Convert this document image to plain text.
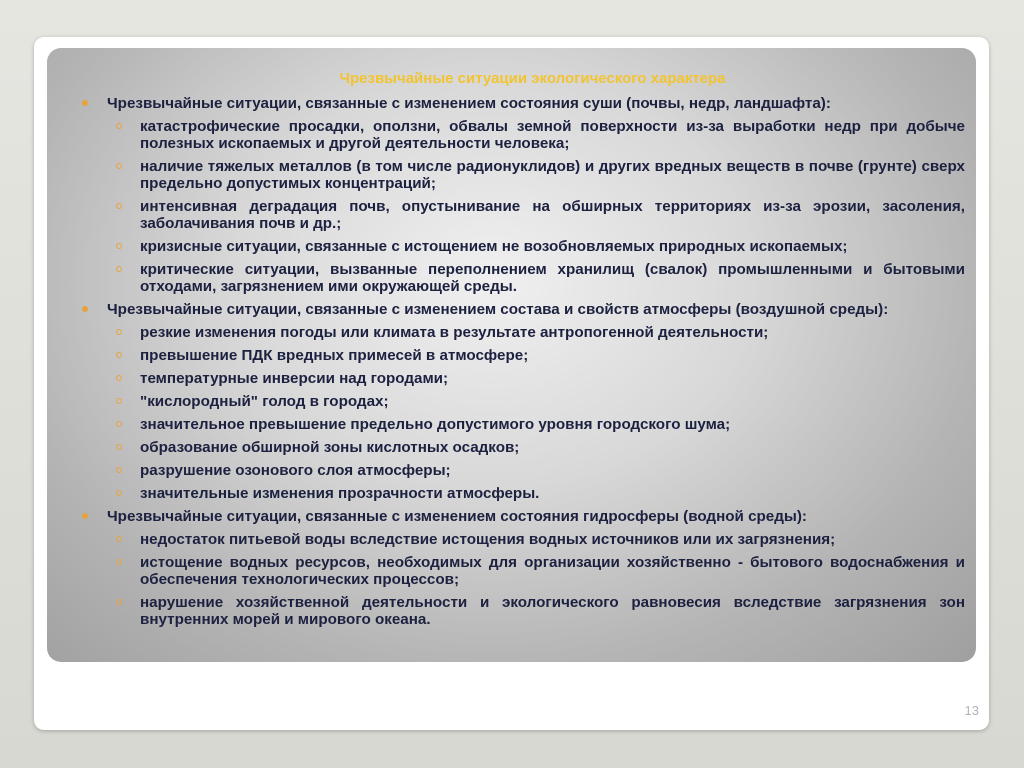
Чрезвычайные ситуации экологического характера
Чрезвычайные ситуации, связанные с изменением состояния суши (почвы, недр, ландшафта):
катастрофические просадки, оползни, обвалы земной поверхности из-за выработки недр при добыче полезных ископаемых и другой деятельности человека;
наличие тяжелых металлов (в том числе радионуклидов) и других вредных веществ в почве (грунте) сверх предельно допустимых концентраций;
интенсивная деградация почв, опустынивание на обширных территориях из-за эрозии, засоления, заболачивания почв и др.;
кризисные ситуации, связанные с истощением не возобновляемых природных ископаемых;
критические ситуации, вызванные переполнением хранилищ (свалок) промышленными и бытовыми отходами, загрязнением ими окружающей среды.
Чрезвычайные ситуации, связанные с изменением состава и свойств атмосферы (воздушной среды):
резкие изменения погоды или климата в результате антропогенной деятельности;
превышение ПДК вредных примесей в атмосфере;
температурные инверсии над городами;
"кислородный" голод в городах;
значительное превышение предельно допустимого уровня городского шума;
образование обширной зоны кислотных осадков;
разрушение озонового слоя атмосферы;
значительные изменения прозрачности атмосферы.
Чрезвычайные ситуации, связанные с изменением состояния гидросферы (водной среды):
недостаток питьевой воды вследствие истощения водных источников или их загрязнения;
истощение водных ресурсов, необходимых для организации хозяйственно - бытового водоснабжения и обеспечения технологических процессов;
нарушение хозяйственной деятельности и экологического равновесия вследствие загрязнения зон внутренних морей и мирового океана.
13
